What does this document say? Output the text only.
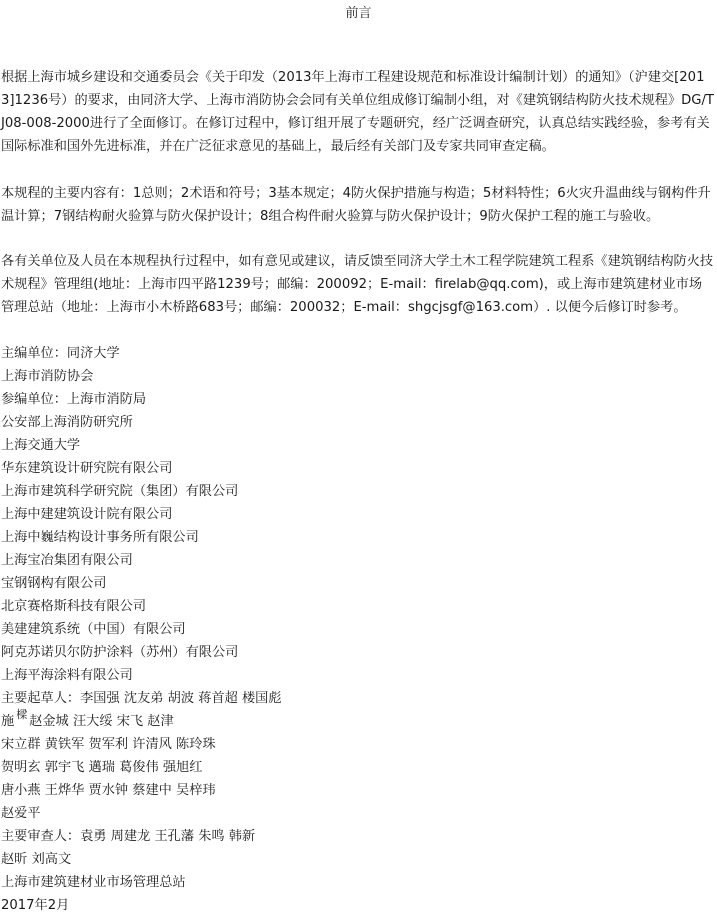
前言
根据上海市城乡建设和交通委员会《关于印发（2013年上海市工程建设规范和标准设计编制计划）的通知》（沪建交[2013]1236号）的要求，由同济大学、上海市消防协会会同有关单位组成修订编制小组，对《建筑钢结构防火技术规程》DG/TJ08-008-2000进行了全面修订。在修订过程中，修订组开展了专题研究，经广泛调查研究，认真总结实践经验，参考有关国际标准和国外先进标准，并在广泛征求意见的基础上，最后经有关部门及专家共同审查定稿。
本规程的主要内容有：1总则；2术语和符号；3基本规定；4防火保护措施与构造；5材料特性；6火灾升温曲线与钢构件升温计算；7钢结构耐火验算与防火保护设计；8组合构件耐火验算与防火保护设计；9防火保护工程的施工与验收。
各有关单位及人员在本规程执行过程中，如有意见或建议，请反馈至同济大学土木工程学院建筑工程系《建筑钢结构防火技术规程》管理组(地址：上海市四平路1239号；邮编：200092；E-mail：firelab@qq.com)，或上海市建筑建材业市场管理总站（地址：上海市小木桥路683号；邮编：200032；E-mail：shgcjsgf@163.com）. 以便今后修订时参考。
主编单位：同济大学
上海市消防协会
参编单位：上海市消防局
公安部上海消防研究所
上海交通大学
华东建筑设计研究院有限公司
上海市建筑科学研究院（集团）有限公司
上海中建建筑设计院有限公司
上海中巍结构设计事务所有限公司
上海宝冶集团有限公司
宝钢钢构有限公司
北京赛格斯科技有限公司
美建建筑系统（中国）有限公司
阿克苏诺贝尔防护涂料（苏州）有限公司
上海平海涂料有限公司
主要起草人：李国强 沈友弟 胡波 蒋首超 楼国彪
施 $^樑$ 赵金城 汪大绥 宋飞 赵津
宋立群 黄铁军 贺军利 许清风 陈玲珠
贺明玄 郭宇飞 邁瑞 葛俊伟 强旭红
唐小燕 王烨华 贾水钟 蔡建中 吴梓玮
赵爱平
主要审查人：袁勇 周建龙 王孔藩 朱鸣 韩新
赵昕 刘高文
上海市建筑建材业市场管理总站
2017年2月
